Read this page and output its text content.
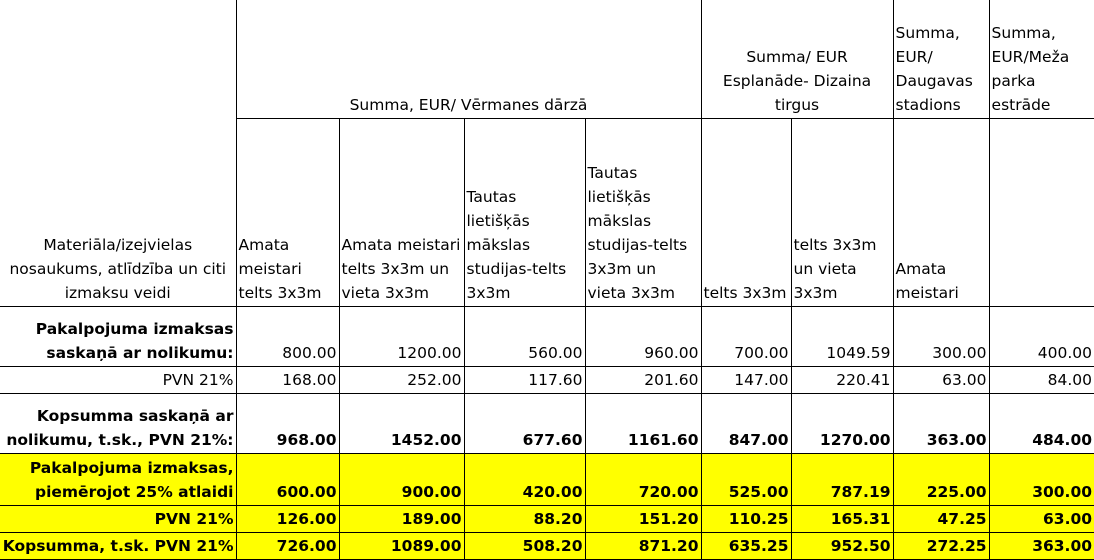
Materiāla/izejvielas nosaukums, atlīdzība un citi izmaksu veidi	Summa, EUR/ Vērmanes dārzā				Summa/ EUR Esplanāde- Dizaina tirgus		Summa, EUR/ Daugavas stadions	Summa, EUR/Meža parka estrāde
	Amata meistari telts 3x3m	Amata meistari telts 3x3m un vieta 3x3m	Tautas lietišķās mākslas studijas-telts 3x3m	Tautas lietišķās mākslas studijas-telts 3x3m un vieta 3x3m	telts 3x3m	telts 3x3m un vieta 3x3m	Amata meistari	
Pakalpojuma izmaksas saskaņā ar nolikumu:	800.00	1200.00	560.00	960.00	700.00	1049.59	300.00	400.00
PVN 21%	168.00	252.00	117.60	201.60	147.00	220.41	63.00	84.00
Kopsumma saskaņā ar nolikumu, t.sk., PVN 21%:	968.00	1452.00	677.60	1161.60	847.00	1270.00	363.00	484.00
Pakalpojuma izmaksas, piemērojot 25% atlaidi	600.00	900.00	420.00	720.00	525.00	787.19	225.00	300.00
PVN 21%	126.00	189.00	88.20	151.20	110.25	165.31	47.25	63.00
Kopsumma, t.sk. PVN 21%	726.00	1089.00	508.20	871.20	635.25	952.50	272.25	363.00
